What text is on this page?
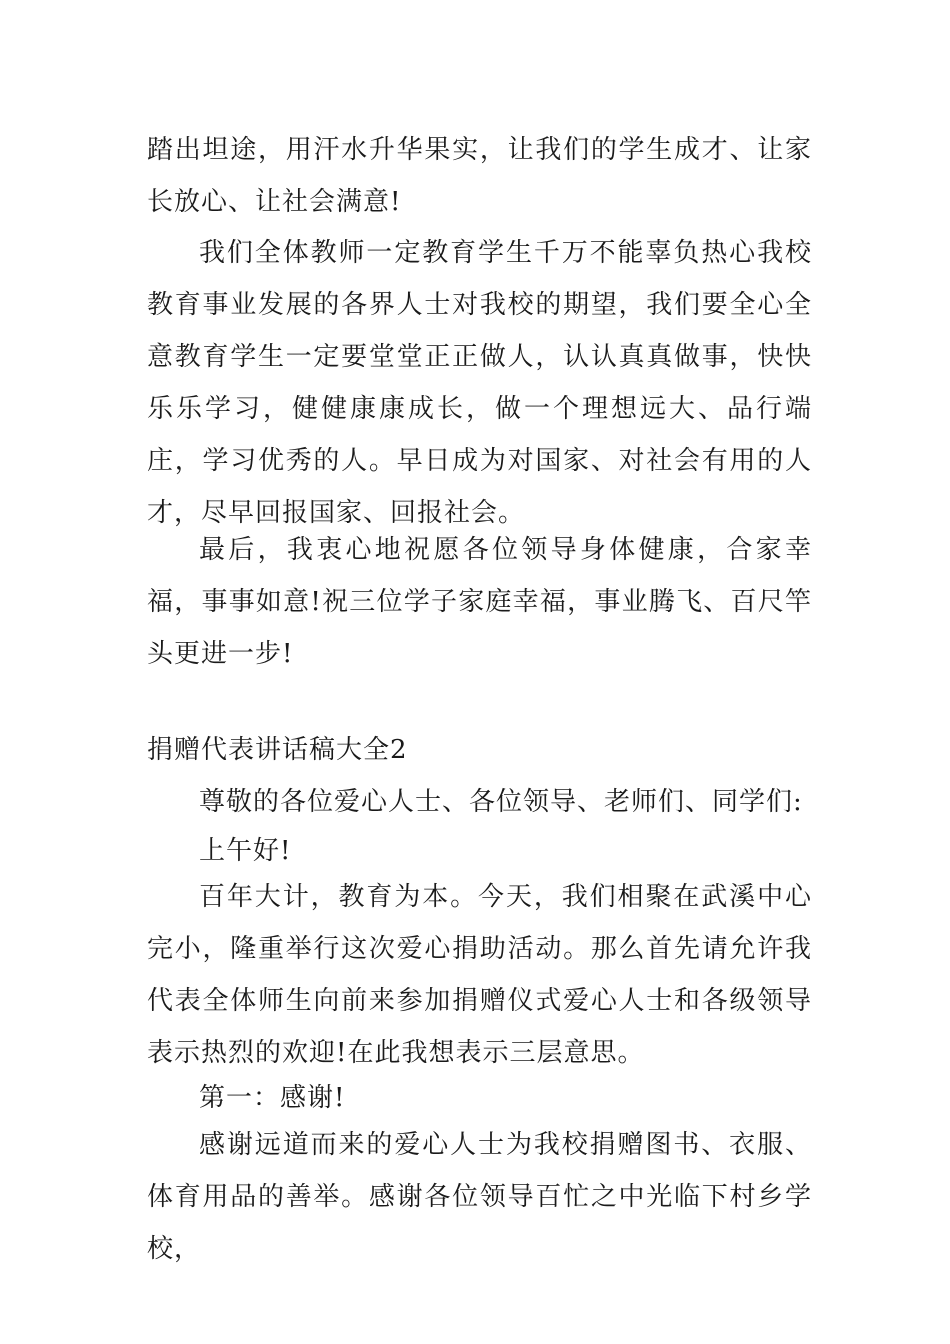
踏出坦途，用汗水升华果实，让我们的学生成才、让家长放心、让社会满意!

我们全体教师一定教育学生千万不能辜负热心我校教育事业发展的各界人士对我校的期望，我们要全心全意教育学生一定要堂堂正正做人，认认真真做事，快快乐乐学习，健健康康成长，做一个理想远大、品行端庄，学习优秀的人。早日成为对国家、对社会有用的人才，尽早回报国家、回报社会。

最后，我衷心地祝愿各位领导身体健康，合家幸福，事事如意!祝三位学子家庭幸福，事业腾飞、百尺竿头更进一步!

捐赠代表讲话稿大全2

尊敬的各位爱心人士、各位领导、老师们、同学们:

上午好!

百年大计，教育为本。今天，我们相聚在武溪中心完小，隆重举行这次爱心捐助活动。那么首先请允许我代表全体师生向前来参加捐赠仪式爱心人士和各级领导表示热烈的欢迎!在此我想表示三层意思。

第一：感谢!

感谢远道而来的爱心人士为我校捐赠图书、衣服、体育用品的善举。感谢各位领导百忙之中光临下村乡学校，
